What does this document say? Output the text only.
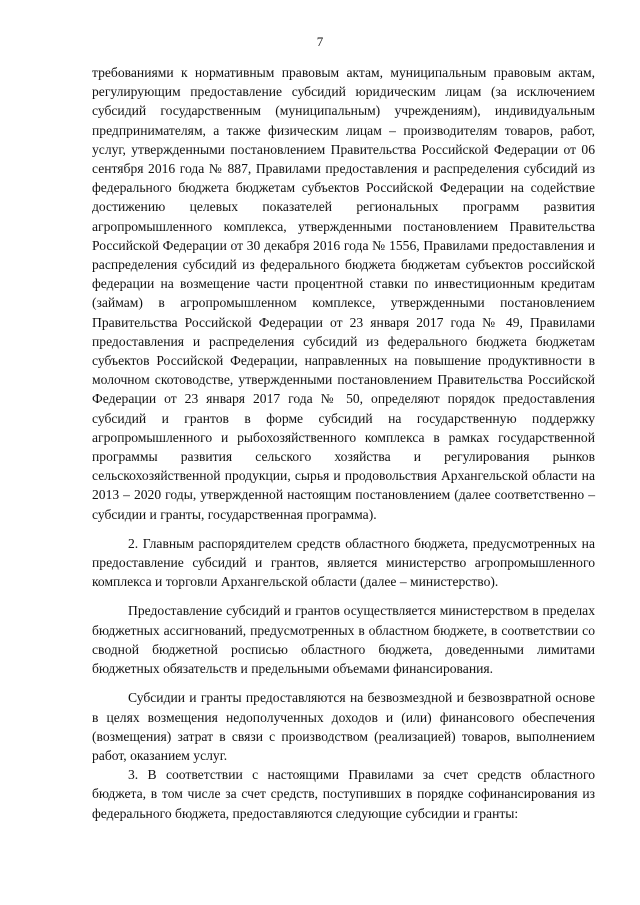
7

требованиями к нормативным правовым актам, муниципальным правовым актам, регулирующим предоставление субсидий юридическим лицам (за исключением субсидий государственным (муниципальным) учреждениям), индивидуальным предпринимателям, а также физическим лицам – производителям товаров, работ, услуг, утвержденными постановлением Правительства Российской Федерации от 06 сентября 2016 года № 887, Правилами предоставления и распределения субсидий из федерального бюджета бюджетам субъектов Российской Федерации на содействие достижению целевых показателей региональных программ развития агропромышленного комплекса, утвержденными постановлением Правительства Российской Федерации от 30 декабря 2016 года № 1556, Правилами предоставления и распределения субсидий из федерального бюджета бюджетам субъектов российской федерации на возмещение части процентной ставки по инвестиционным кредитам (займам) в агропромышленном комплексе, утвержденными постановлением Правительства Российской Федерации от 23 января 2017 года № 49, Правилами предоставления и распределения субсидий из федерального бюджета бюджетам субъектов Российской Федерации, направленных на повышение продуктивности в молочном скотоводстве, утвержденными постановлением Правительства Российской Федерации от 23 января 2017 года № 50, определяют порядок предоставления субсидий и грантов в форме субсидий на государственную поддержку агропромышленного и рыбохозяйственного комплекса в рамках государственной программы развития сельского хозяйства и регулирования рынков сельскохозяйственной продукции, сырья и продовольствия Архангельской области на 2013 – 2020 годы, утвержденной настоящим постановлением (далее соответственно – субсидии и гранты, государственная программа).

2. Главным распорядителем средств областного бюджета, предусмотренных на предоставление субсидий и грантов, является министерство агропромышленного комплекса и торговли Архангельской области (далее – министерство).

Предоставление субсидий и грантов осуществляется министерством в пределах бюджетных ассигнований, предусмотренных в областном бюджете, в соответствии со сводной бюджетной росписью областного бюджета, доведенными лимитами бюджетных обязательств и предельными объемами финансирования.

Субсидии и гранты предоставляются на безвозмездной и безвозвратной основе в целях возмещения недополученных доходов и (или) финансового обеспечения (возмещения) затрат в связи с производством (реализацией) товаров, выполнением работ, оказанием услуг.

3. В соответствии с настоящими Правилами за счет средств областного бюджета, в том числе за счет средств, поступивших в порядке софинансирования из федерального бюджета, предоставляются следующие субсидии и гранты:
